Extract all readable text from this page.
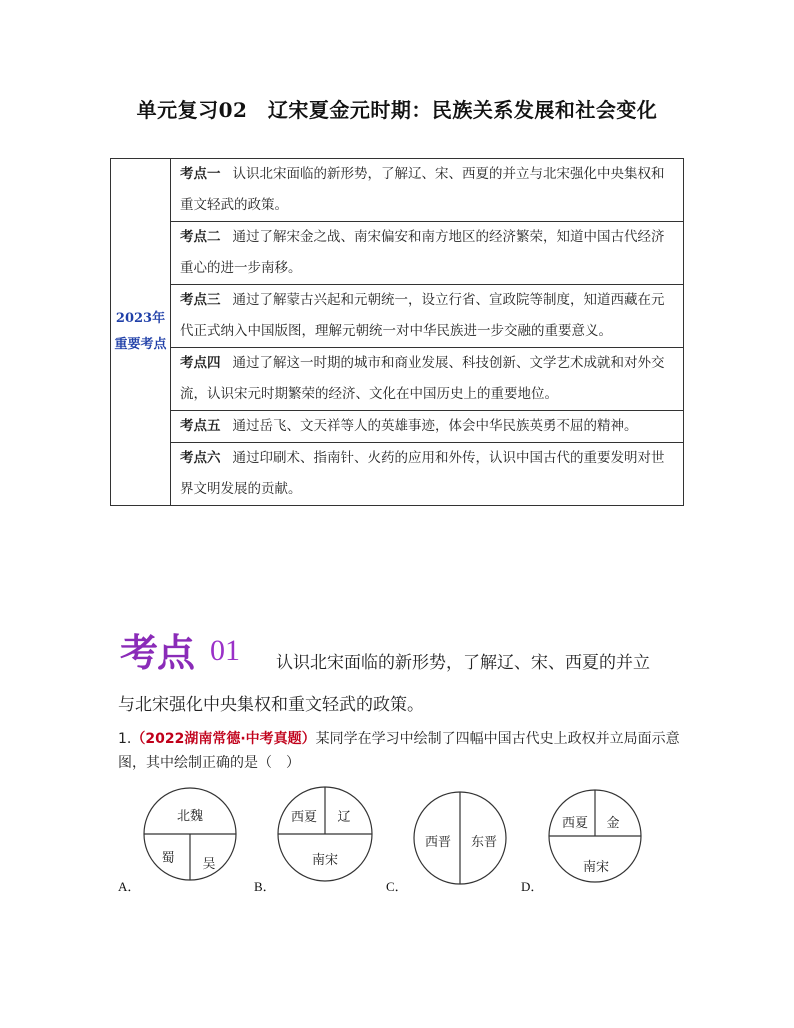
单元复习02　辽宋夏金元时期：民族关系发展和社会变化
2023年
重要考点
	考点一 认识北宋面临的新形势，了解辽、宋、西夏的并立与北宋强化中央集权和重文轻武的政策。
考点二 通过了解宋金之战、南宋偏安和南方地区的经济繁荣，知道中国古代经济重心的进一步南移。
考点三 通过了解蒙古兴起和元朝统一，设立行省、宣政院等制度，知道西藏在元代正式纳入中国版图，理解元朝统一对中华民族进一步交融的重要意义。
考点四 通过了解这一时期的城市和商业发展、科技创新、文学艺术成就和对外交流，认识宋元时期繁荣的经济、文化在中国历史上的重要地位。
考点五 通过岳飞、文天祥等人的英雄事迹，体会中华民族英勇不屈的精神。
考点六 通过印刷术、指南针、火药的应用和外传，认识中国古代的重要发明对世界文明发展的贡献。
考点 01 认识北宋面临的新形势，了解辽、宋、西夏的并立
与北宋强化中央集权和重文轻武的政策。
1.（2022湖南常德·中考真题）某同学在学习中绘制了四幅中国古代史上政权并立局面示意图，其中绘制正确的是（　）
北魏
蜀 吴
西夏 辽
南宋
西晋 东晋
西夏 金
南宋
A．	B．	C．	D．
